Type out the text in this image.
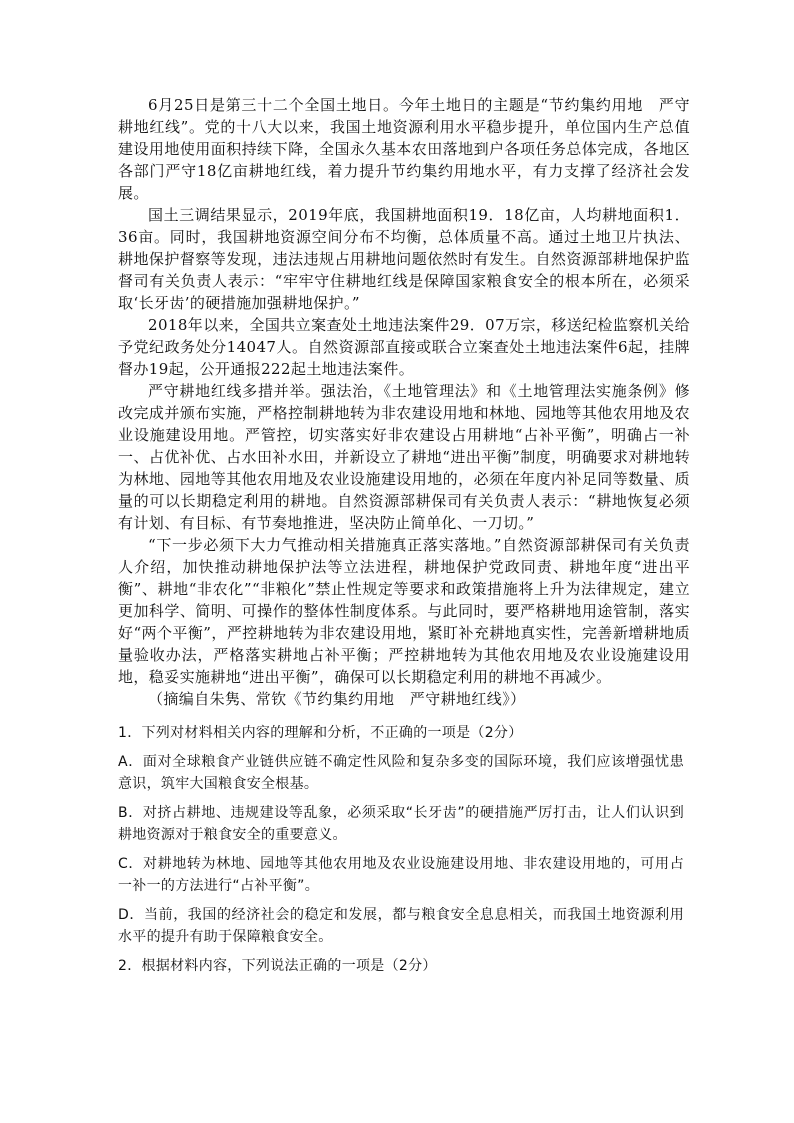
6月25日是第三十二个全国土地日。今年土地日的主题是“节约集约用地　严守耕地红线”。党的十八大以来，我国土地资源利用水平稳步提升，单位国内生产总值建设用地使用面积持续下降，全国永久基本农田落地到户各项任务总体完成，各地区各部门严守18亿亩耕地红线，着力提升节约集约用地水平，有力支撑了经济社会发展。

国土三调结果显示，2019年底，我国耕地面积19．18亿亩，人均耕地面积1．36亩。同时，我国耕地资源空间分布不均衡，总体质量不高。通过土地卫片执法、耕地保护督察等发现，违法违规占用耕地问题依然时有发生。自然资源部耕地保护监督司有关负责人表示：“牢牢守住耕地红线是保障国家粮食安全的根本所在，必须采取‘长牙齿’的硬措施加强耕地保护。”

2018年以来，全国共立案查处土地违法案件29．07万宗，移送纪检监察机关给予党纪政务处分14047人。自然资源部直接或联合立案查处土地违法案件6起，挂牌督办19起，公开通报222起土地违法案件。

严守耕地红线多措并举。强法治，《土地管理法》和《土地管理法实施条例》修改完成并颁布实施，严格控制耕地转为非农建设用地和林地、园地等其他农用地及农业设施建设用地。严管控，切实落实好非农建设占用耕地“占补平衡”，明确占一补一、占优补优、占水田补水田，并新设立了耕地“进出平衡”制度，明确要求对耕地转为林地、园地等其他农用地及农业设施建设用地的，必须在年度内补足同等数量、质量的可以长期稳定利用的耕地。自然资源部耕保司有关负责人表示：“耕地恢复必须有计划、有目标、有节奏地推进，坚决防止简单化、一刀切。”

“下一步必须下大力气推动相关措施真正落实落地。”自然资源部耕保司有关负责人介绍，加快推动耕地保护法等立法进程，耕地保护党政同责、耕地年度“进出平衡”、耕地“非农化”“非粮化”禁止性规定等要求和政策措施将上升为法律规定，建立更加科学、简明、可操作的整体性制度体系。与此同时，要严格耕地用途管制，落实好“两个平衡”，严控耕地转为非农建设用地，紧盯补充耕地真实性，完善新增耕地质量验收办法，严格落实耕地占补平衡；严控耕地转为其他农用地及农业设施建设用地，稳妥实施耕地“进出平衡”，确保可以长期稳定利用的耕地不再减少。

（摘编自朱隽、常钦《节约集约用地　严守耕地红线》）

1．下列对材料相关内容的理解和分析，不正确的一项是（2分）

A．面对全球粮食产业链供应链不确定性风险和复杂多变的国际环境，我们应该增强忧患意识，筑牢大国粮食安全根基。

B．对挤占耕地、违规建设等乱象，必须采取“长牙齿”的硬措施严厉打击，让人们认识到耕地资源对于粮食安全的重要意义。

C．对耕地转为林地、园地等其他农用地及农业设施建设用地、非农建设用地的，可用占一补一的方法进行“占补平衡”。

D．当前，我国的经济社会的稳定和发展，都与粮食安全息息相关，而我国土地资源利用水平的提升有助于保障粮食安全。

2．根据材料内容，下列说法正确的一项是（2分）
